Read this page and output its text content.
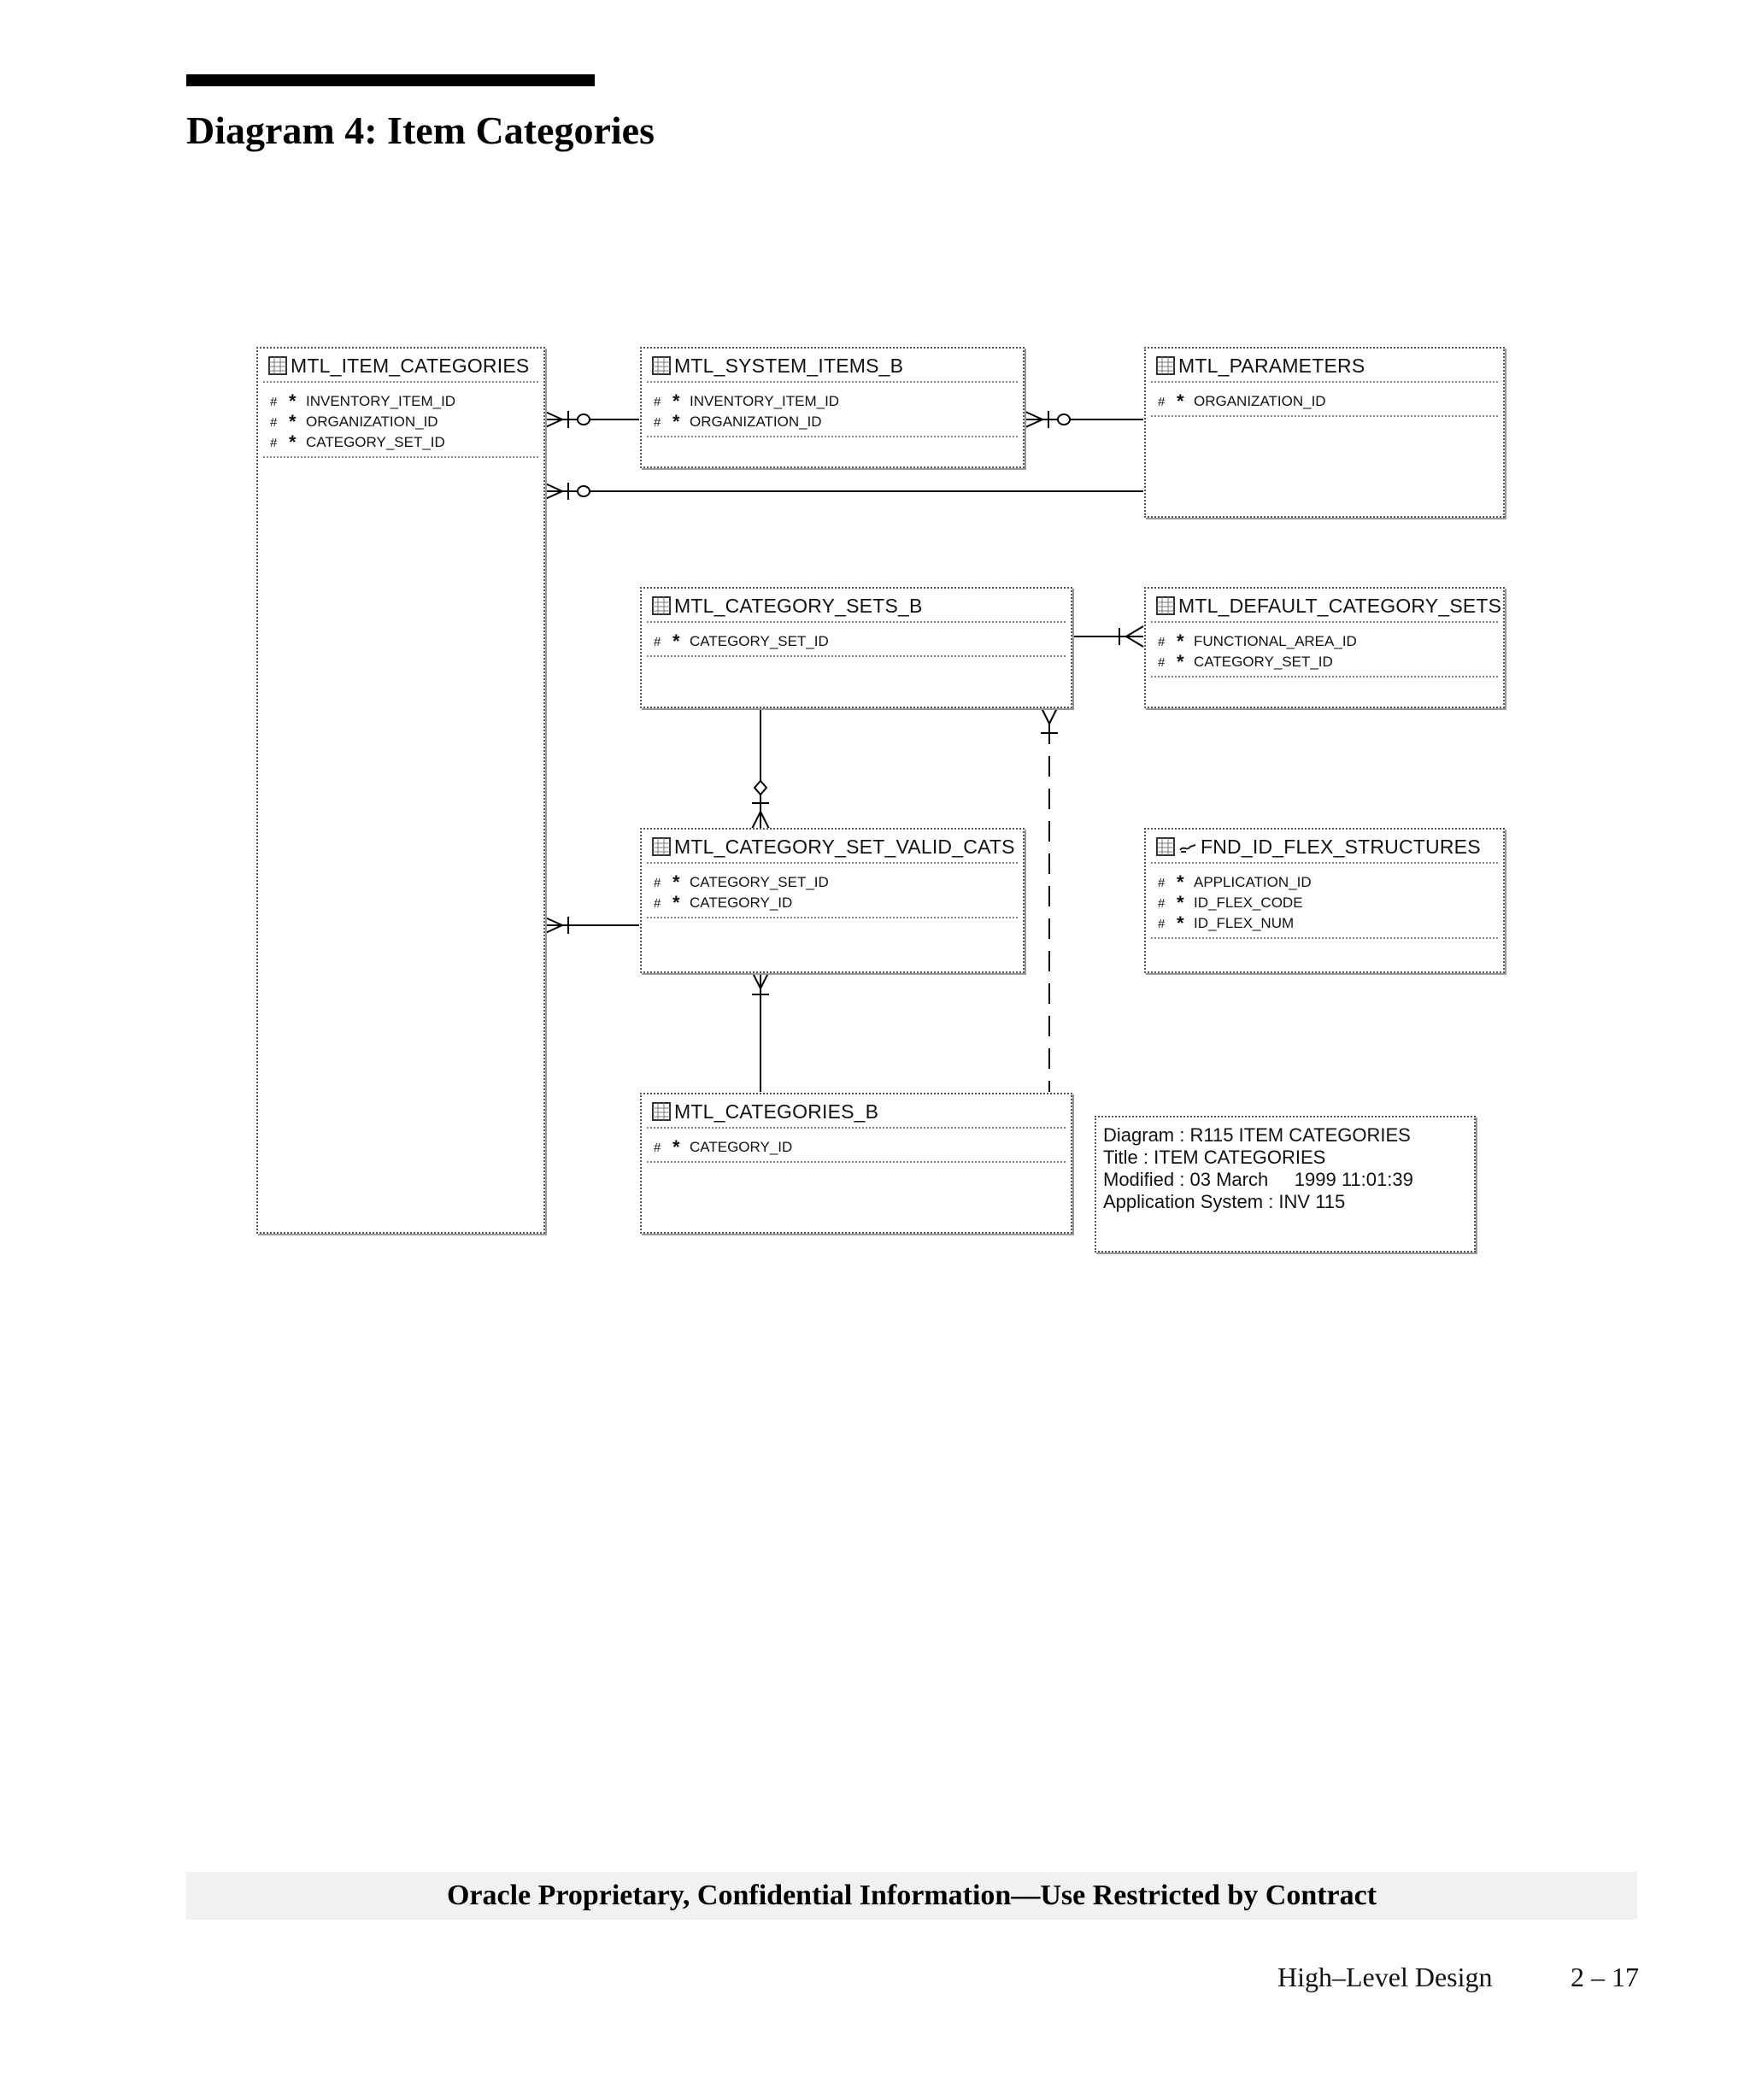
Diagram 4: Item Categories
MTL_ITEM_CATEGORIES
# * INVENTORY_ITEM_ID
# * ORGANIZATION_ID
# * CATEGORY_SET_ID
MTL_SYSTEM_ITEMS_B
# * INVENTORY_ITEM_ID
# * ORGANIZATION_ID
MTL_PARAMETERS
# * ORGANIZATION_ID
MTL_CATEGORY_SETS_B
# * CATEGORY_SET_ID
MTL_DEFAULT_CATEGORY_SETS
# * FUNCTIONAL_AREA_ID
# * CATEGORY_SET_ID
MTL_CATEGORY_SET_VALID_CATS
# * CATEGORY_SET_ID
# * CATEGORY_ID
FND_ID_FLEX_STRUCTURES
# * APPLICATION_ID
# * ID_FLEX_CODE
# * ID_FLEX_NUM
MTL_CATEGORIES_B
# * CATEGORY_ID
Diagram : R115 ITEM CATEGORIES
Title : ITEM CATEGORIES
Modified : 03 March     1999 11:01:39
Application System : INV 115
Oracle Proprietary, Confidential Information––Use Restricted by Contract
High–Level Design	2 – 17
